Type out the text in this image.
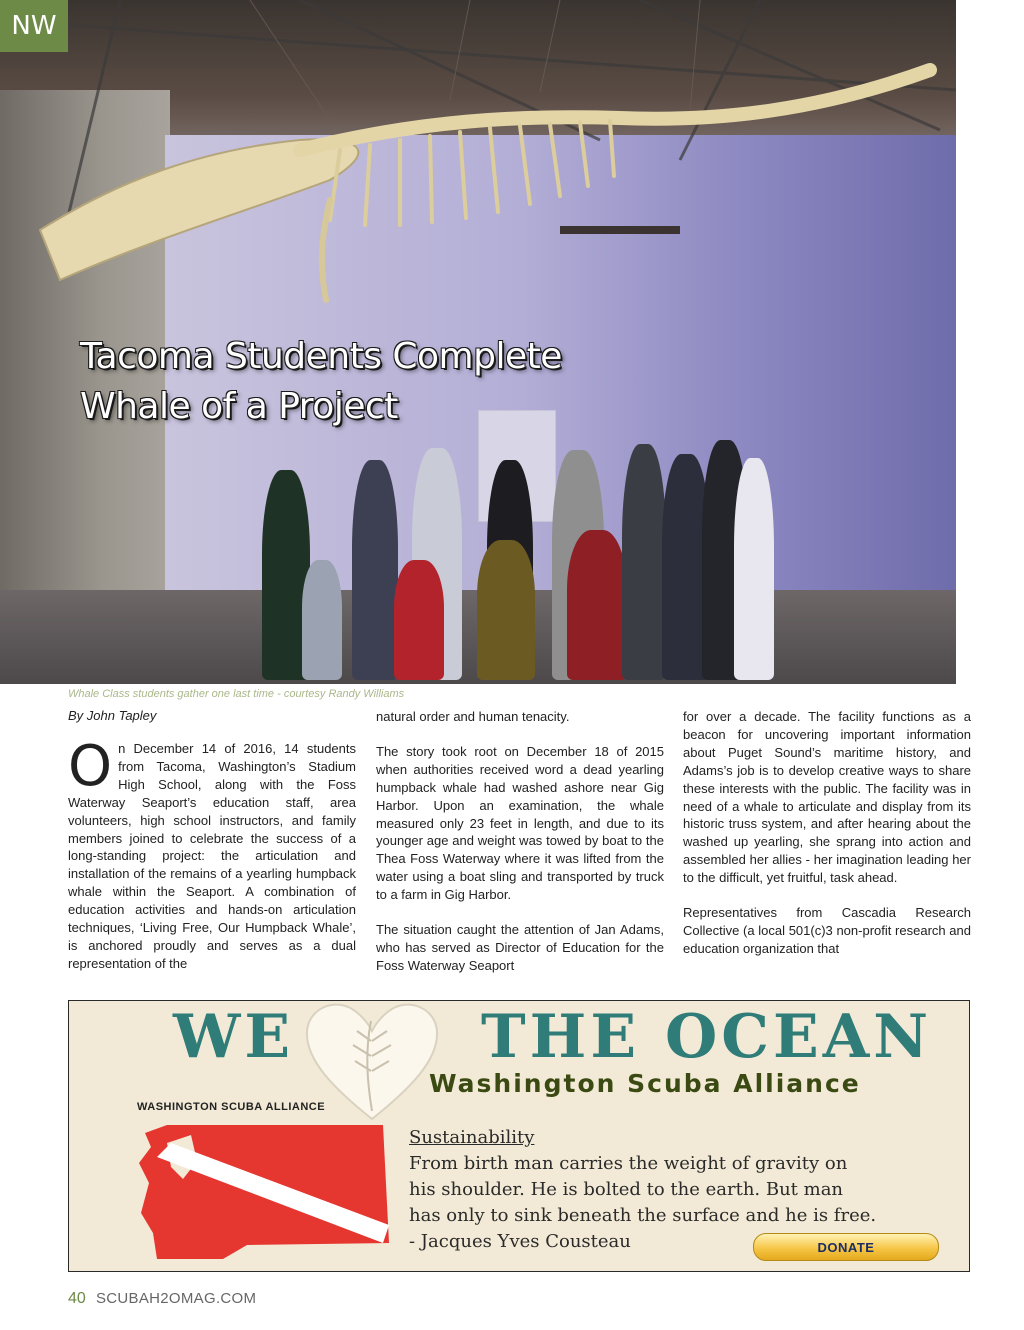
Tacoma Students Complete
Whale of a Project
NW
Whale Class students gather one last time - courtesy Randy Williams
By John Tapley

On December 14 of 2016, 14 students from Tacoma, Washington’s Stadium High School, along with the Foss Waterway Seaport’s education staff, area volunteers, high school instructors, and family members joined to celebrate the success of a long-standing project: the articulation and installation of the remains of a yearling humpback whale within the Seaport. A combination of education activities and hands-on articulation techniques, ‘Living Free, Our Humpback Whale’, is anchored proudly and serves as a dual representation of the

natural order and human tenacity.

The story took root on December 18 of 2015 when authorities received word a dead yearling humpback whale had washed ashore near Gig Harbor. Upon an examination, the whale measured only 23 feet in length, and due to its younger age and weight was towed by boat to the Thea Foss Waterway where it was lifted from the water using a boat sling and transported by truck to a farm in Gig Harbor.

The situation caught the attention of Jan Adams, who has served as Director of Education for the Foss Waterway Seaport

for over a decade. The facility functions as a beacon for uncovering important information about Puget Sound’s maritime history, and Adams’s job is to develop creative ways to share these interests with the public. The facility was in need of a whale to articulate and display from its historic truss system, and after hearing about the washed up yearling, she sprang into action and assembled her allies - her imagination leading her to the difficult, yet fruitful, task ahead.

Representatives from Cascadia Research Collective (a local 501(c)3 non-profit research and education organization that

WE	THE OCEAN
Washington Scuba Alliance
WASHINGTON SCUBA ALLIANCE
Sustainability
From birth man carries the weight of gravity on
his shoulder. He is bolted to the earth. But man
has only to sink beneath the surface and he is free.
- Jacques Yves Cousteau	DONATE
40 SCUBAH2OMAG.COM
